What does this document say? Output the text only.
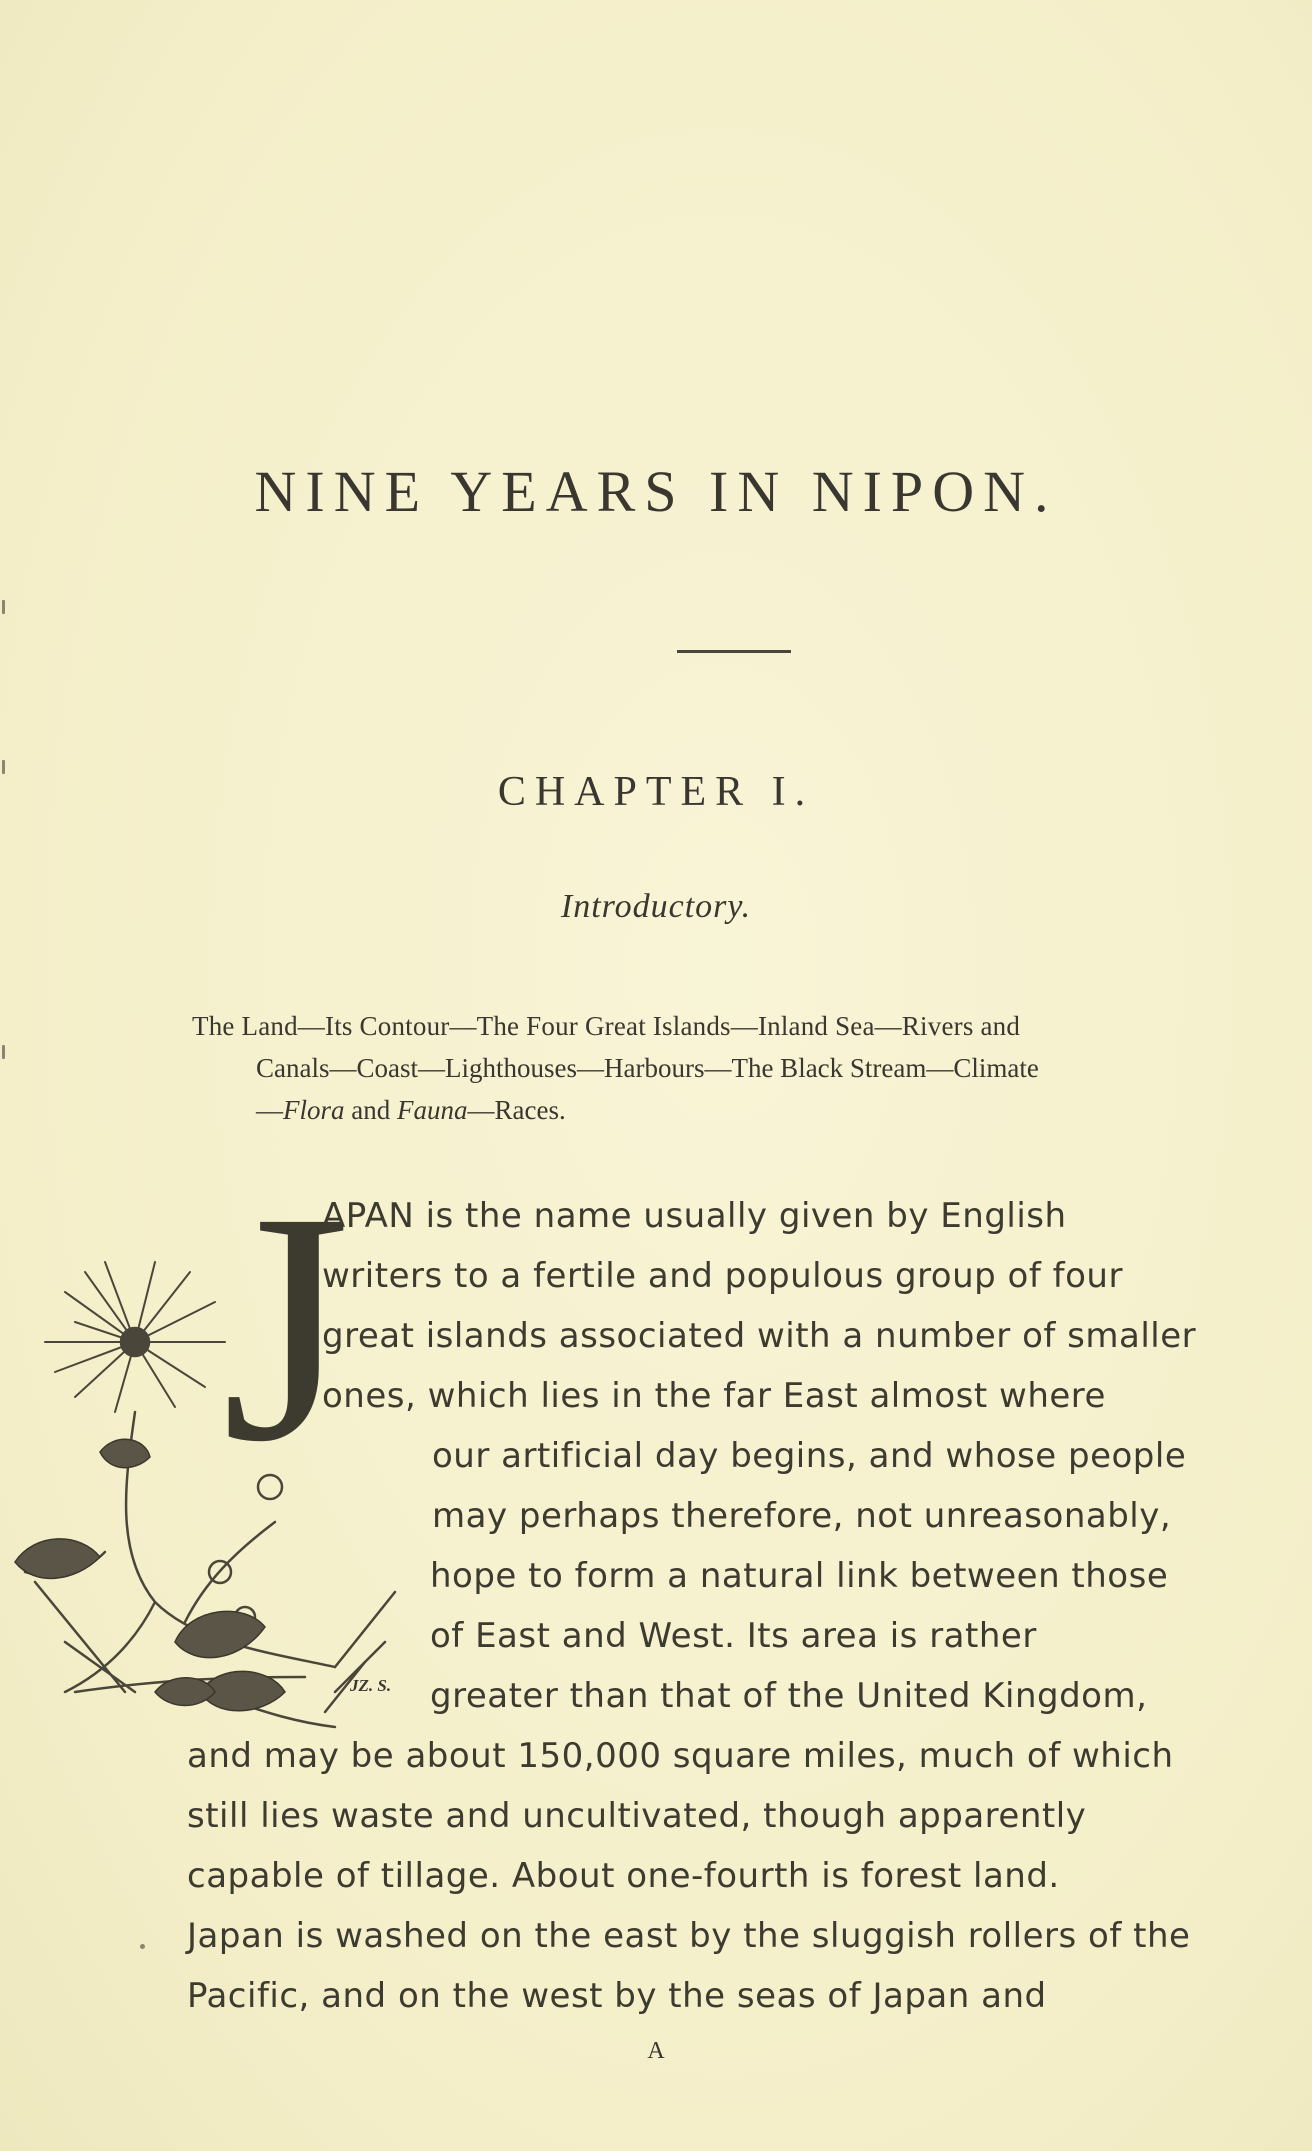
NINE YEARS IN NIPON.
CHAPTER I.
Introductory.
The Land—Its Contour—The Four Great Islands—Inland Sea—Rivers and
Canals—Coast—Lighthouses—Harbours—The Black Stream—Climate
—Flora and Fauna—Races.
J
JZ. S.
APAN is the name usually given by English
writers to a fertile and populous group of four
great islands associated with a number of smaller
ones, which lies in the far East almost where
our artificial day begins, and whose people
may perhaps therefore, not unreasonably,
hope to form a natural link between those
of East and West. Its area is rather
greater than that of the United Kingdom,
and may be about 150,000 square miles, much of which
still lies waste and uncultivated, though apparently
capable of tillage. About one-fourth is forest land.
Japan is washed on the east by the sluggish rollers of the
Pacific, and on the west by the seas of Japan and
A
